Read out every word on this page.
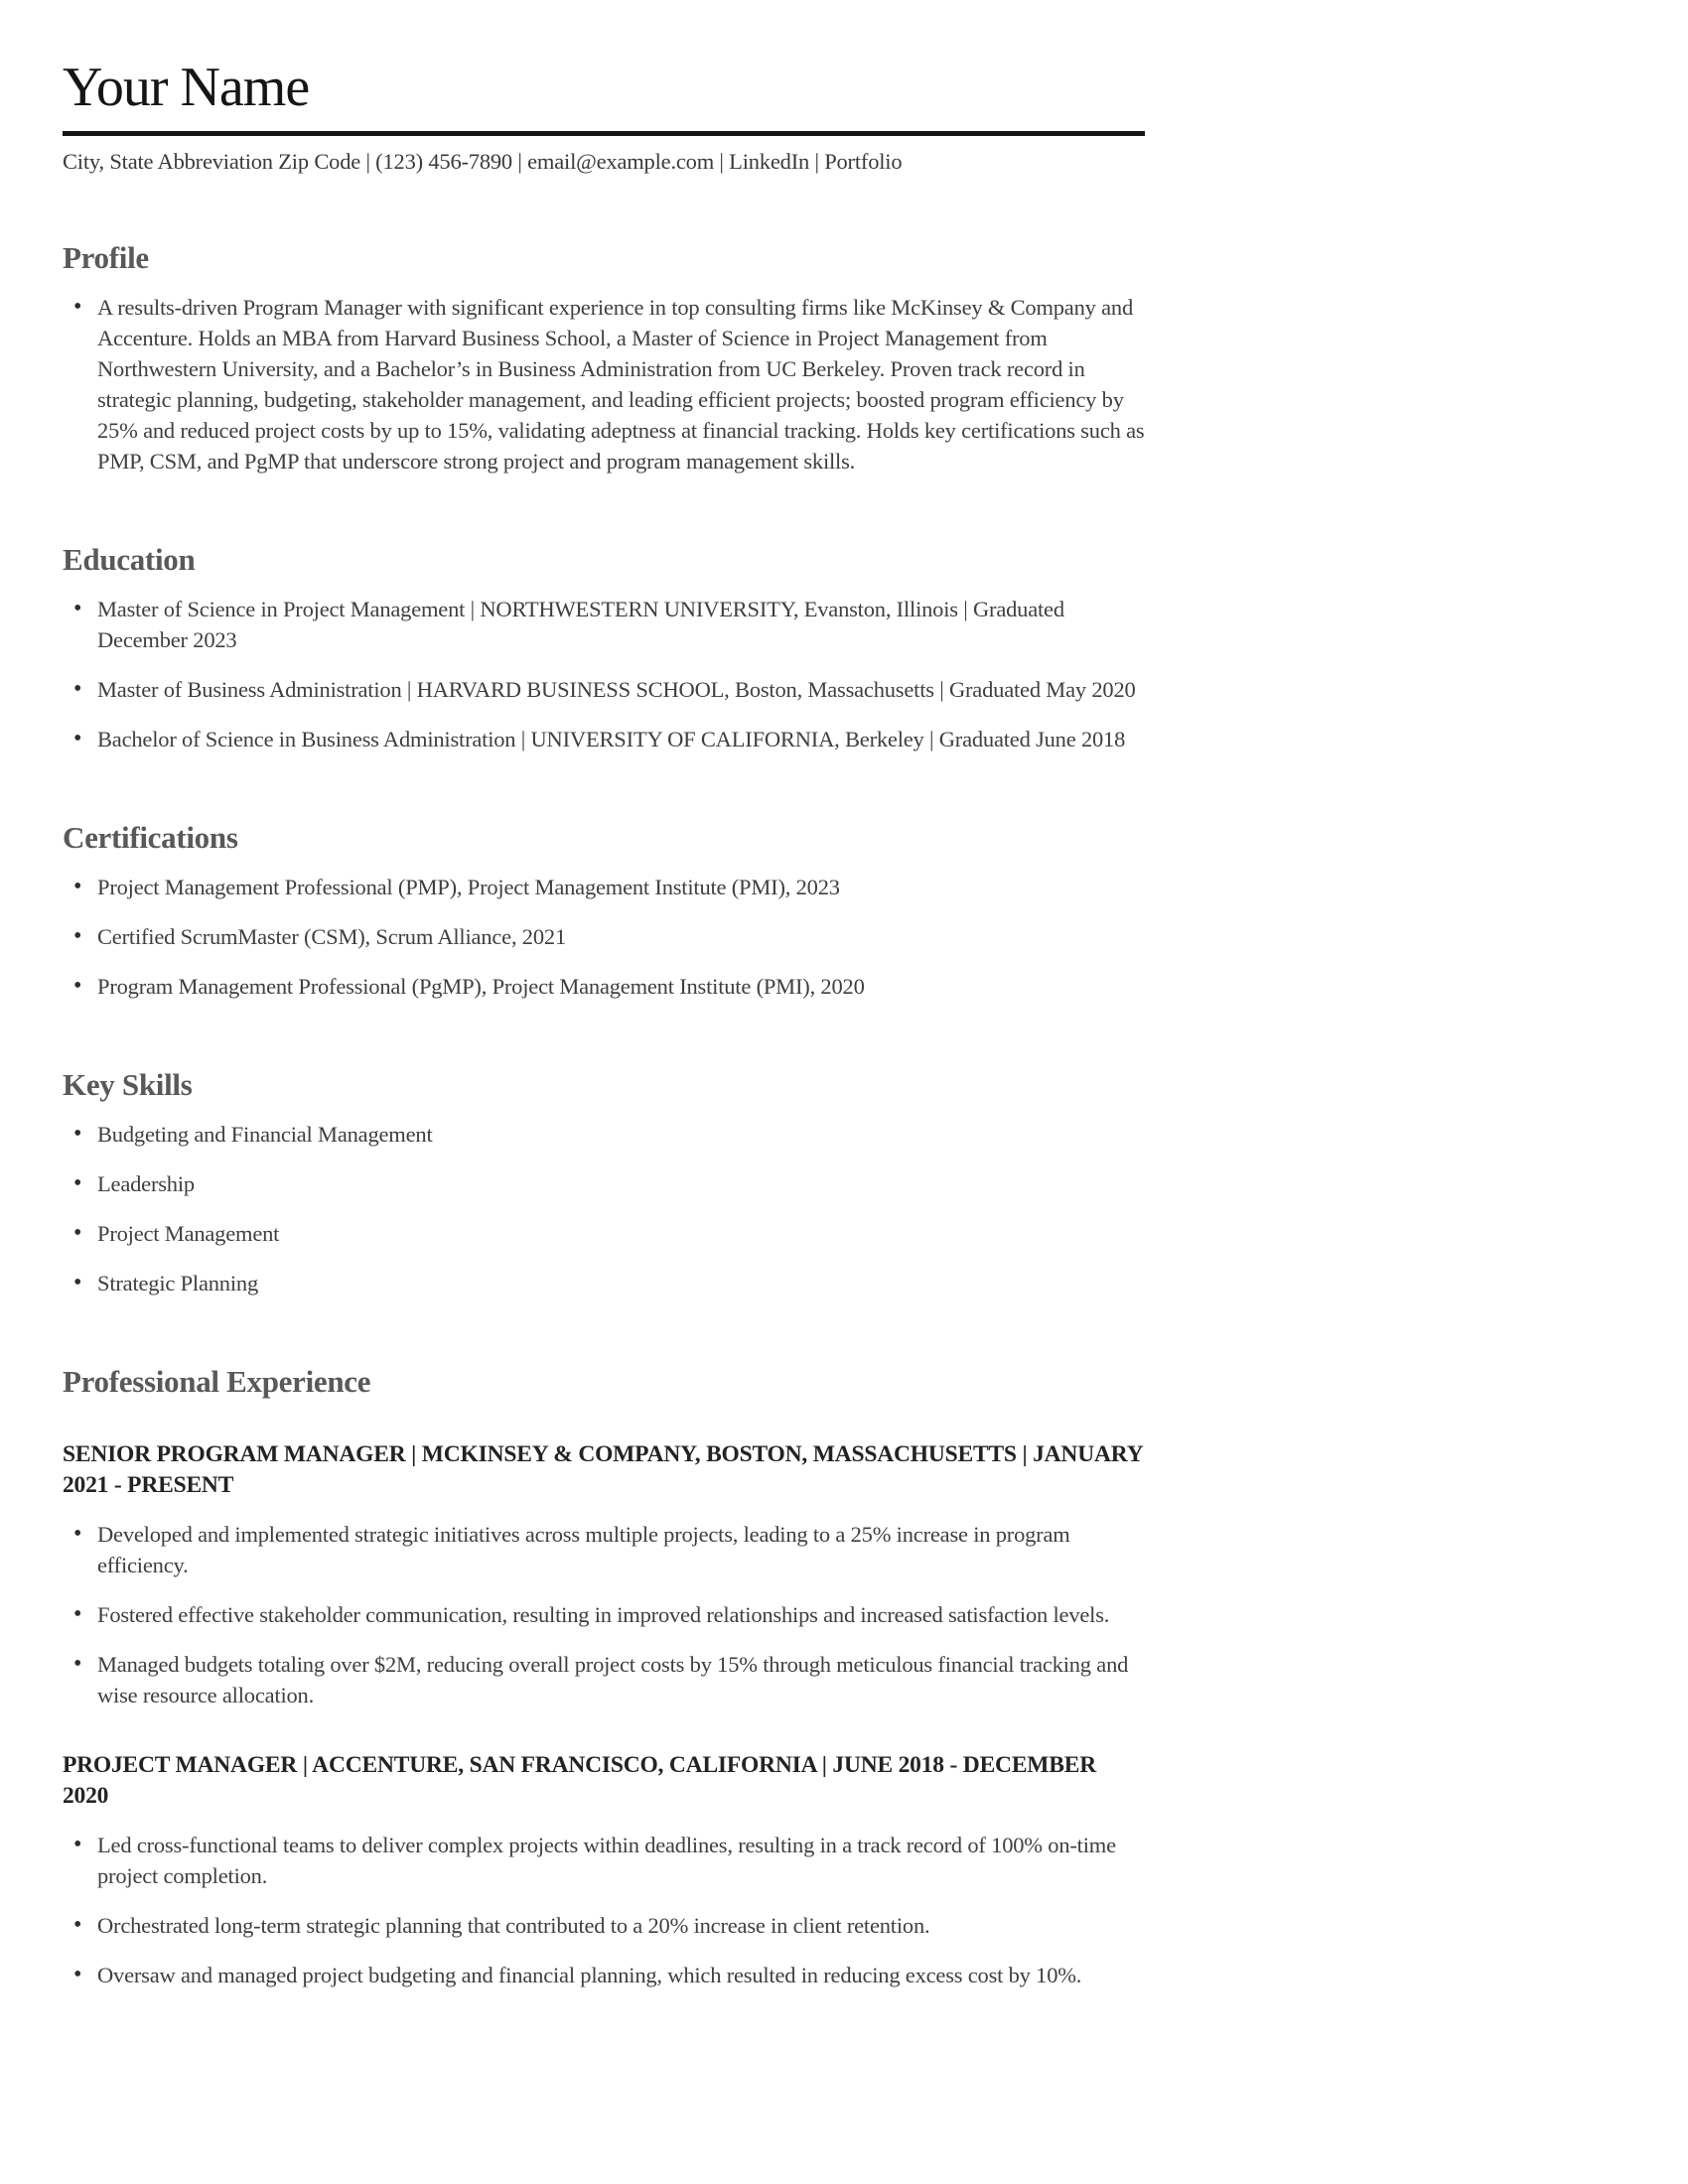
Your Name
City, State Abbreviation Zip Code | (123) 456-7890 | email@example.com | LinkedIn | Portfolio
Profile
• A results-driven Program Manager with significant experience in top consulting firms like McKinsey & Company and Accenture. Holds an MBA from Harvard Business School, a Master of Science in Project Management from Northwestern University, and a Bachelor’s in Business Administration from UC Berkeley. Proven track record in strategic planning, budgeting, stakeholder management, and leading efficient projects; boosted program efficiency by 25% and reduced project costs by up to 15%, validating adeptness at financial tracking. Holds key certifications such as PMP, CSM, and PgMP that underscore strong project and program management skills.
Education
• Master of Science in Project Management | NORTHWESTERN UNIVERSITY, Evanston, Illinois | Graduated December 2023
• Master of Business Administration | HARVARD BUSINESS SCHOOL, Boston, Massachusetts | Graduated May 2020
• Bachelor of Science in Business Administration | UNIVERSITY OF CALIFORNIA, Berkeley | Graduated June 2018
Certifications
• Project Management Professional (PMP), Project Management Institute (PMI), 2023
• Certified ScrumMaster (CSM), Scrum Alliance, 2021
• Program Management Professional (PgMP), Project Management Institute (PMI), 2020
Key Skills
• Budgeting and Financial Management
• Leadership
• Project Management
• Strategic Planning
Professional Experience
SENIOR PROGRAM MANAGER | MCKINSEY & COMPANY, BOSTON, MASSACHUSETTS | JANUARY 2021 - PRESENT
• Developed and implemented strategic initiatives across multiple projects, leading to a 25% increase in program efficiency.
• Fostered effective stakeholder communication, resulting in improved relationships and increased satisfaction levels.
• Managed budgets totaling over $2M, reducing overall project costs by 15% through meticulous financial tracking and wise resource allocation.
PROJECT MANAGER | ACCENTURE, SAN FRANCISCO, CALIFORNIA | JUNE 2018 - DECEMBER 2020
• Led cross-functional teams to deliver complex projects within deadlines, resulting in a track record of 100% on-time project completion.
• Orchestrated long-term strategic planning that contributed to a 20% increase in client retention.
• Oversaw and managed project budgeting and financial planning, which resulted in reducing excess cost by 10%.
